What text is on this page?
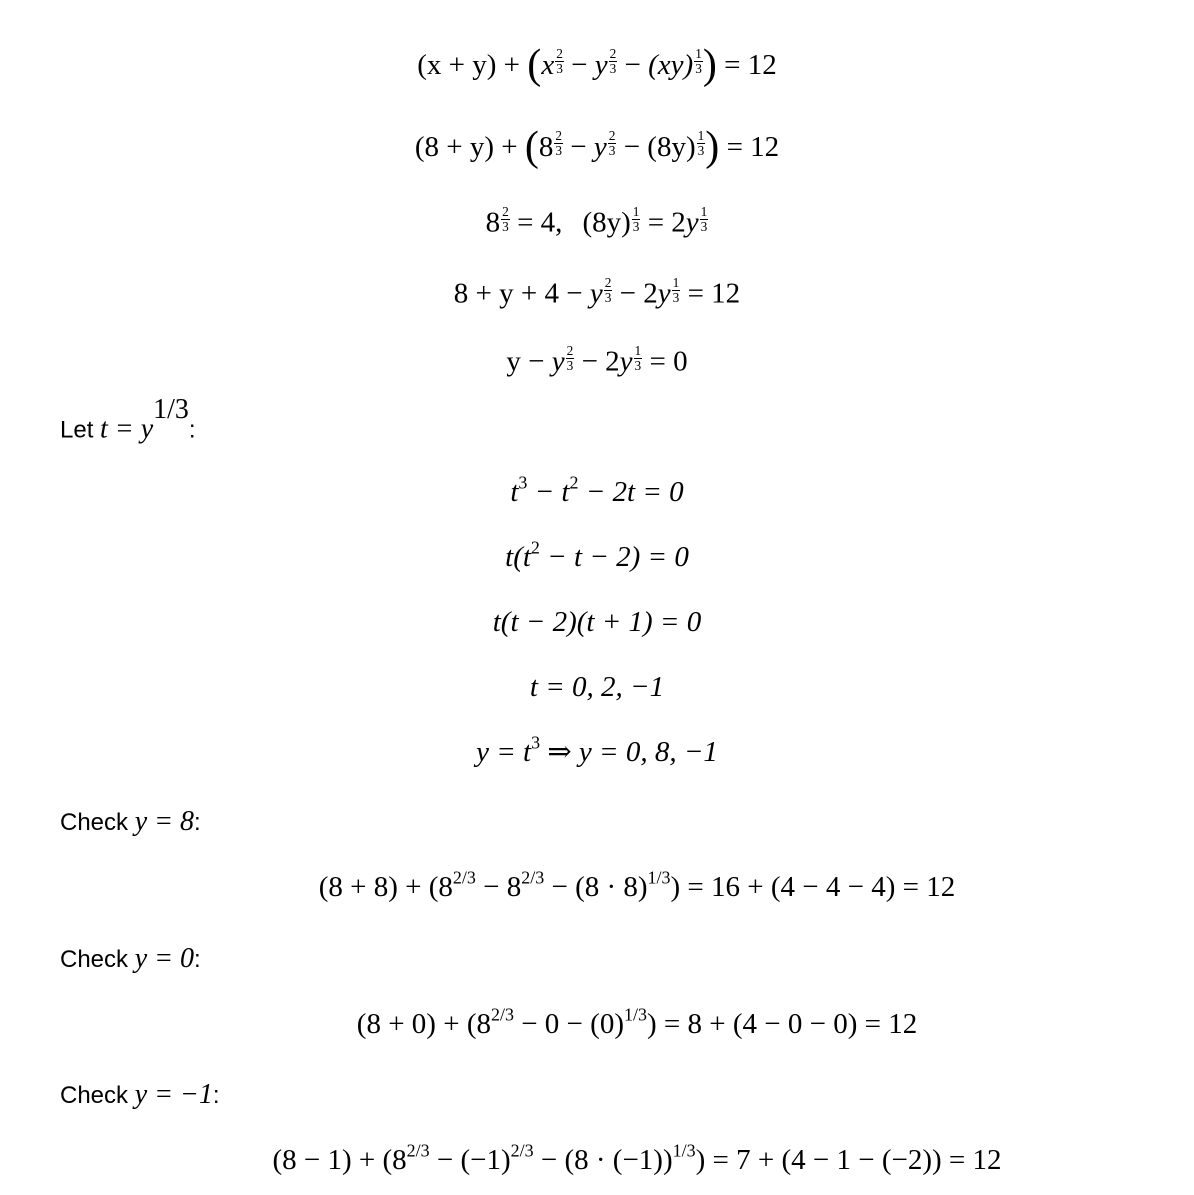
$(x + y) + (x \frac{2}{3} - y \frac{2}{3} - (xy) \frac{1}{3}$ ) = 12
$(8 + y) + (8 \frac{2}{3} - y \frac{2}{3} - (8y) \frac{1}{3}$ ) = 12
$8 \frac{2}{3} = 4$, $(8y) \frac{1}{3} = 2y \frac{1}{3}$
8 + y + 4 − y $\frac{2}{3} - 2y \frac{1}{3} = 12$
y − y $\frac{2}{3} - 2y \frac{1}{3} = 0$
Let $t = y^{1/3}$:
$t^3 - t^2 - 2t = 0$
$t(t^2 - t - 2) = 0$
t(t − 2)(t + 1) = 0
t = 0, 2, −1
$y = t^3$ ⇒ y = 0, 8, −1
Check y = 8:
$(8 + 8) + (8^{2/3} - 8^{2/3} - (8 \cdot 8)^{1/3}) = 16 + (4 - 4 - 4) = 12$
Check y = 0:
$(8 + 0) + (8^{2/3} - 0 - (0)^{1/3}) = 8 + (4 - 0 - 0) = 12$
Check y = −1:
$(8 - 1) + (8^{2/3} - (-1)^{2/3} - (8 \cdot (-1))^{1/3}) = 7 + (4 - 1 - (-2)) = 12$
